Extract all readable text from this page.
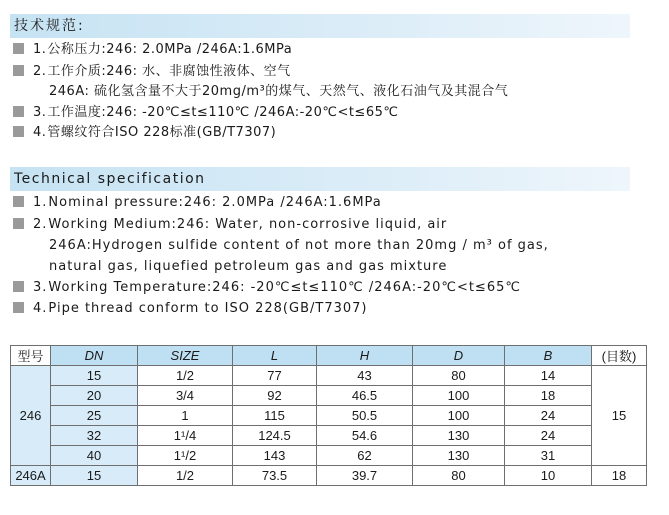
技术规范:
1.公称压力:246: 2.0MPa /246A:1.6MPa
2.工作介质:246: 水、非腐蚀性液体、空气
246A: 硫化氢含量不大于20mg/m³的煤气、天然气、液化石油气及其混合气
3.工作温度:246: -20℃≤t≤110℃ /246A:-20℃<t≤65℃
4.管螺纹符合ISO 228标准(GB/T7307)
Technical specification
1.Nominal pressure:246: 2.0MPa /246A:1.6MPa
2.Working Medium:246: Water, non-corrosive liquid, air
246A:Hydrogen sulfide content of not more than 20mg / m³ of gas,
natural gas, liquefied petroleum gas and gas mixture
3.Working Temperature:246: -20℃≤t≤110℃ /246A:-20℃<t≤65℃
4.Pipe thread conform to ISO 228(GB/T7307)
型号	DN	SIZE	L	H	D	B	(目数)
246	15	1/2	77	43	80	14	15
	20	3/4	92	46.5	100	18	
	25	1	115	50.5	100	24	
	32	1¹/4	124.5	54.6	130	24	
	40	1¹/2	143	62	130	31	
246A	15	1/2	73.5	39.7	80	10	18
